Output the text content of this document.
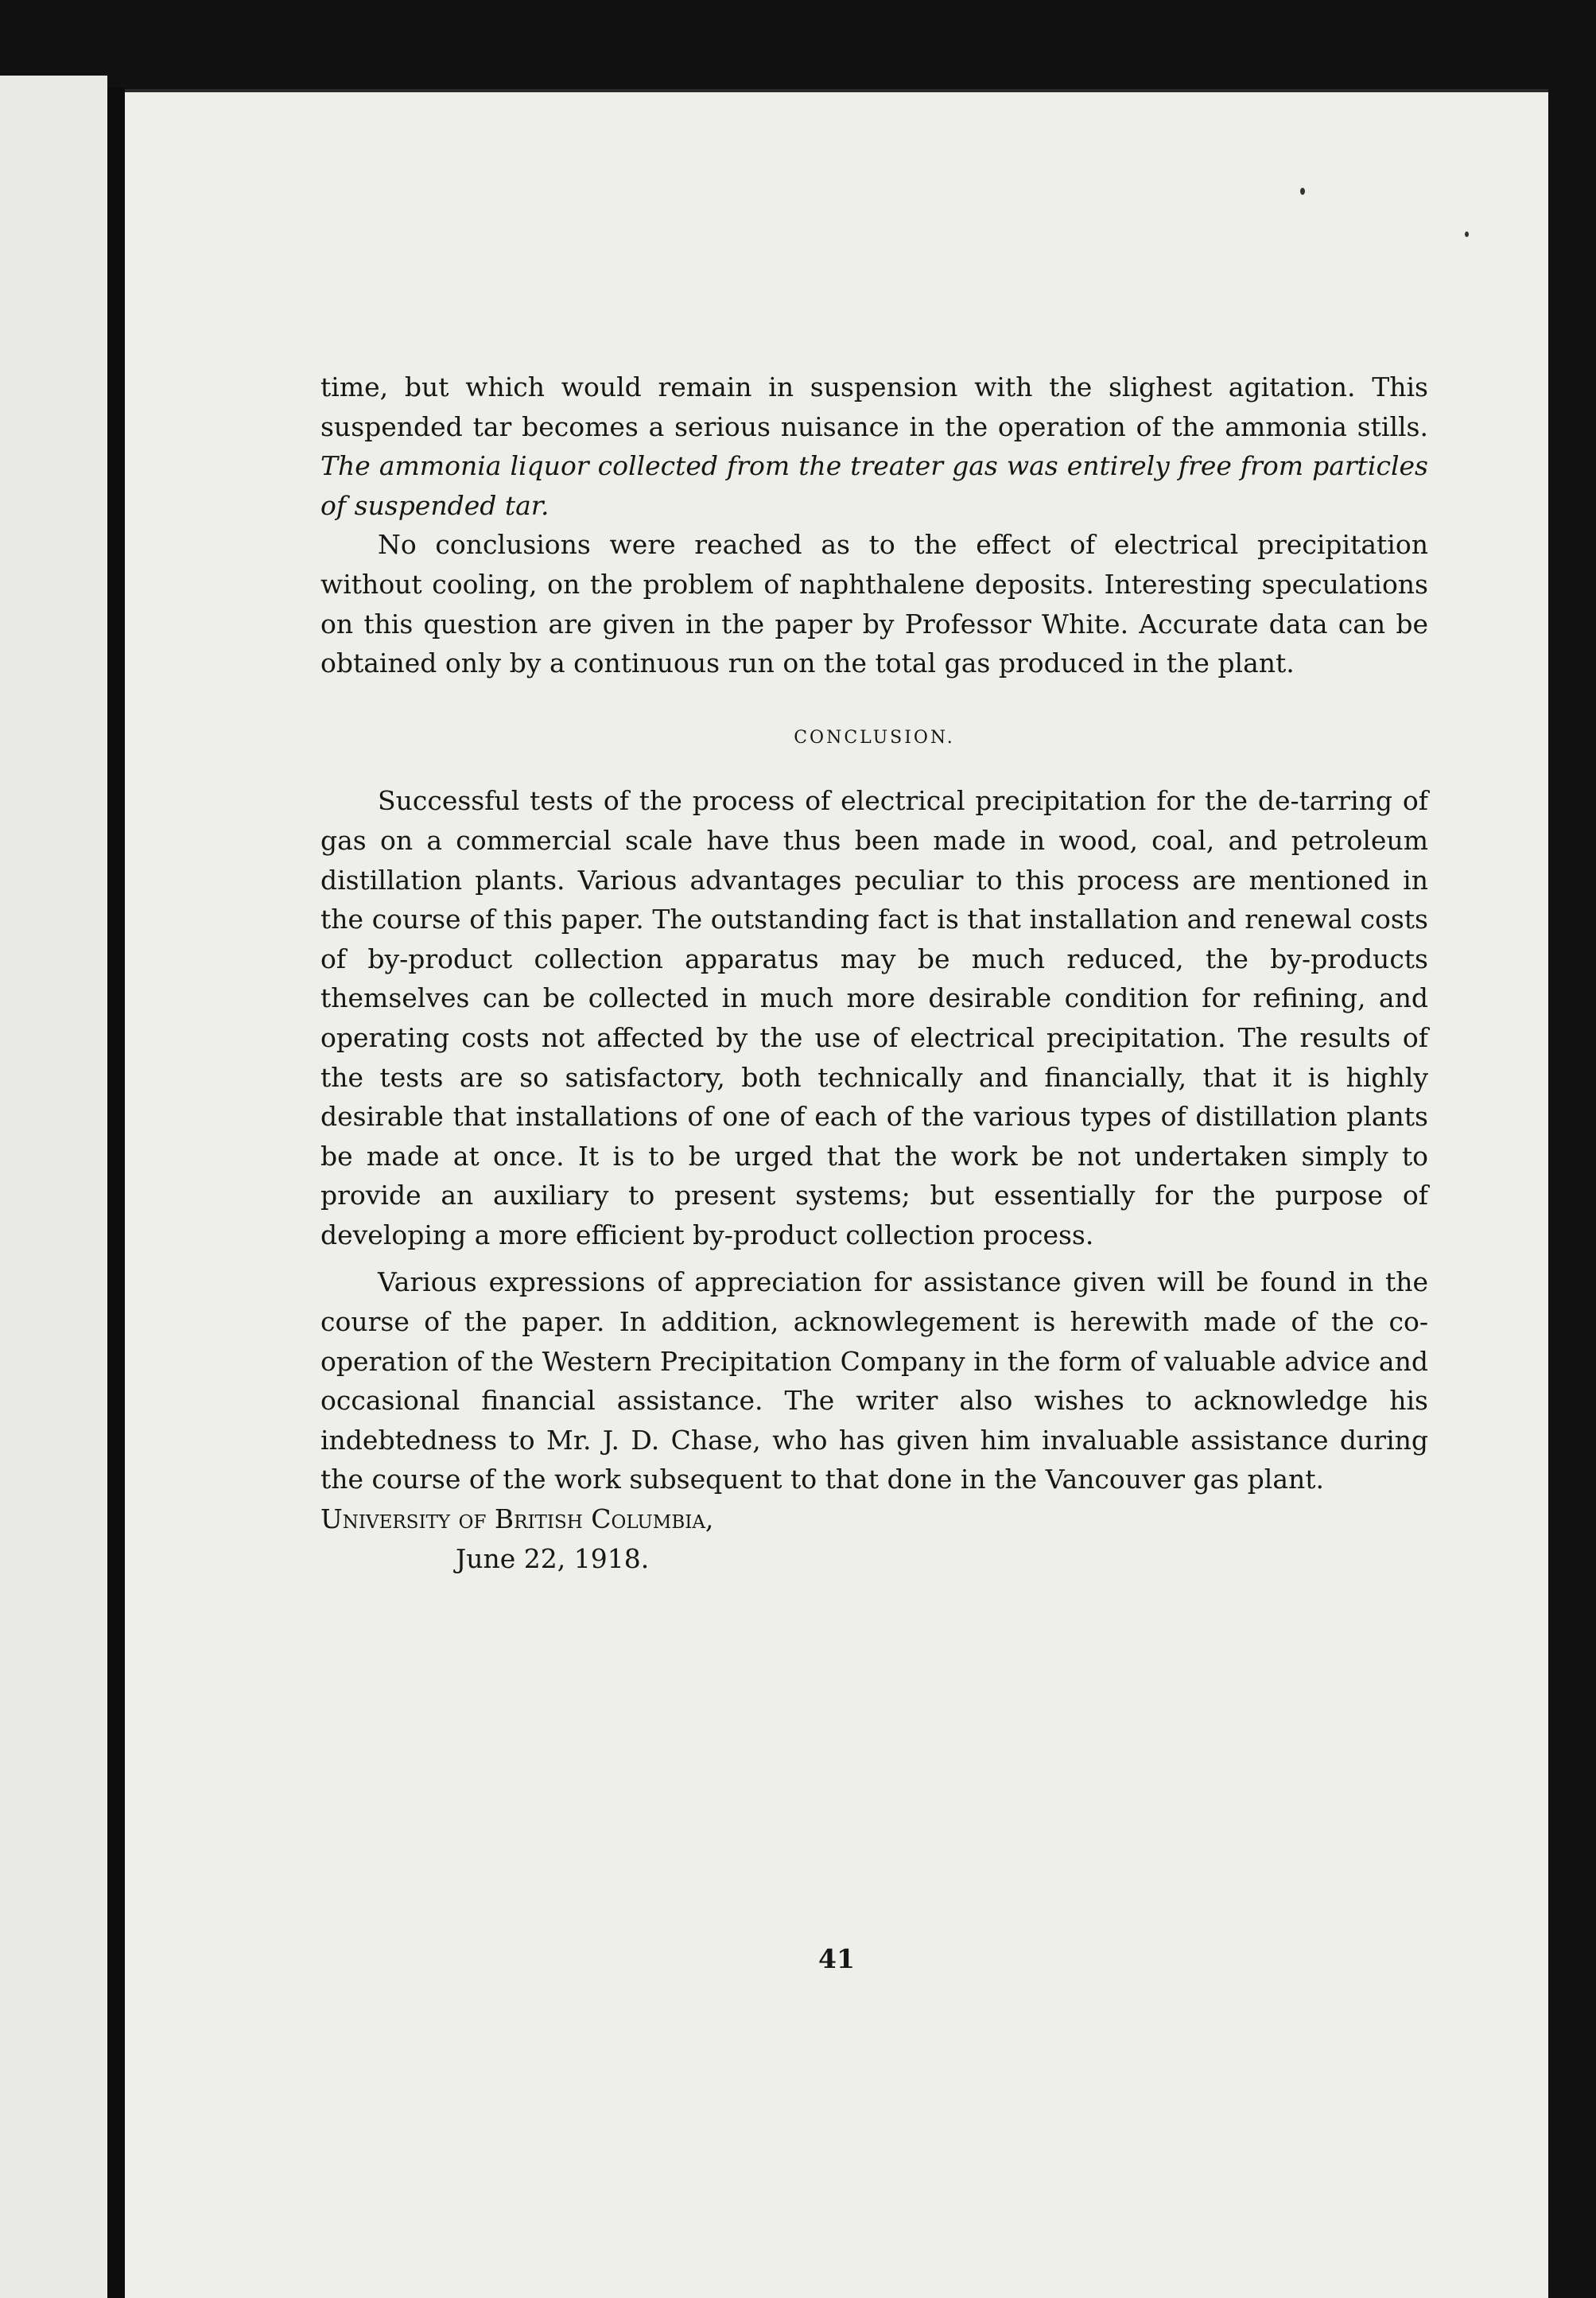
time, but which would remain in suspension with the slighest agitation. This suspended tar becomes a serious nuisance in the operation of the ammonia stills. The ammonia liquor collected from the treater gas was entirely free from particles of suspended tar.

No conclusions were reached as to the effect of electrical precipitation without cooling, on the problem of naphthalene deposits. Interesting speculations on this question are given in the paper by Professor White. Accurate data can be obtained only by a continuous run on the total gas produced in the plant.

CONCLUSION.

Successful tests of the process of electrical precipitation for the de-tarring of gas on a commercial scale have thus been made in wood, coal, and petroleum distillation plants. Various advantages peculiar to this process are mentioned in the course of this paper. The outstanding fact is that installation and renewal costs of by-product collection apparatus may be much reduced, the by-products themselves can be collected in much more desirable condition for refining, and operating costs not affected by the use of electrical precipitation. The results of the tests are so satisfactory, both technically and financially, that it is highly desirable that installations of one of each of the various types of distillation plants be made at once. It is to be urged that the work be not undertaken simply to provide an auxiliary to present systems; but essentially for the purpose of developing a more efficient by-product collection process.

Various expressions of appreciation for assistance given will be found in the course of the paper. In addition, acknowlegement is herewith made of the co-operation of the Western Precipitation Company in the form of valuable advice and occasional financial assistance. The writer also wishes to acknowledge his indebtedness to Mr. J. D. Chase, who has given him invaluable assistance during the course of the work subsequent to that done in the Vancouver gas plant.

University of British Columbia,

June 22, 1918.

41
